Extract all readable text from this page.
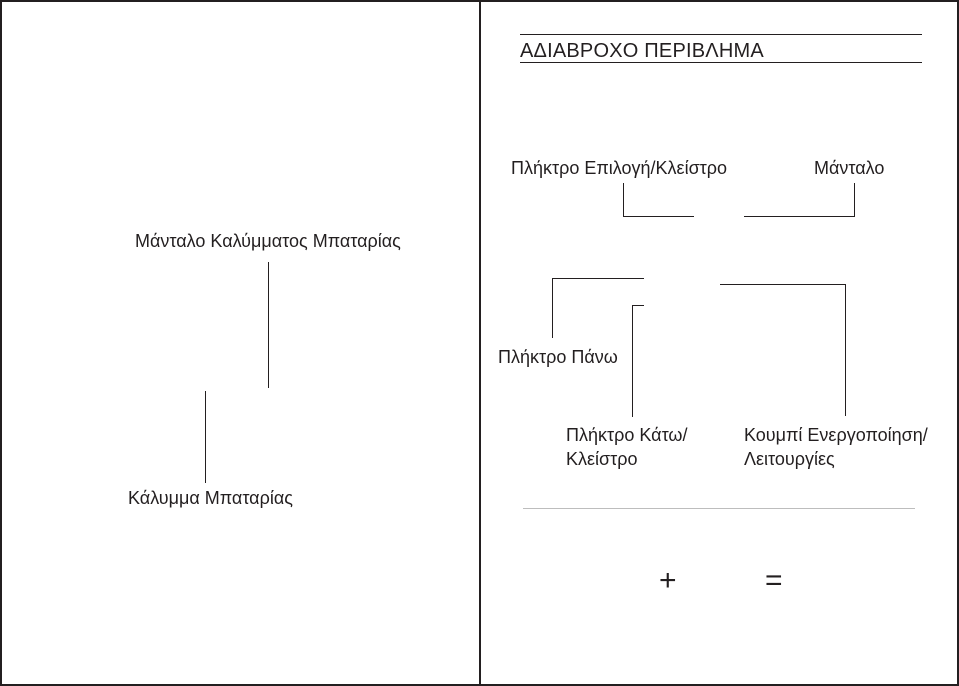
Μάνταλο Καλύμματος Μπαταρίας
Κάλυμμα Μπαταρίας
ΑΔΙΑΒΡΟΧΟ ΠΕΡΙΒΛΗΜΑ
Πλήκτρο Επιλογή/Κλείστρο	Μάνταλο
Πλήκτρο Πάνω
Πλήκτρο Κάτω/
Κλείστρο
Κουμπί Ενεργοποίηση/
Λειτουργίες
+	=
